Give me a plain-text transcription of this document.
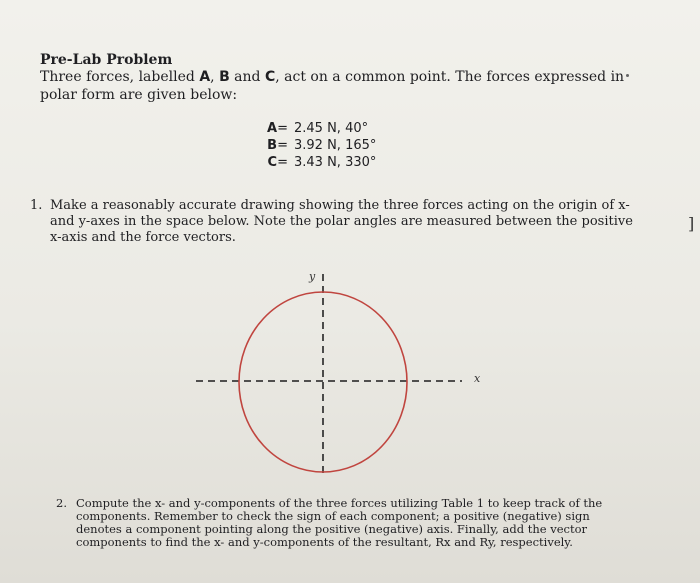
Pre-Lab Problem
Three forces, labelled A, B and C, act on a common point. The forces expressed in polar form are given below:
A= 2.45 N, 40°
B= 3.92 N, 165°
C= 3.43 N, 330°
1. Make a reasonably accurate drawing showing the three forces acting on the origin of x- and y-axes in the space below. Note the polar angles are measured between the positive x-axis and the force vectors.
]
x
y
2. Compute the x- and y-components of the three forces utilizing Table 1 to keep track of the components. Remember to check the sign of each component; a positive (negative) sign denotes a component pointing along the positive (negative) axis. Finally, add the vector components to find the x- and y-components of the resultant, Rx and Ry, respectively.
